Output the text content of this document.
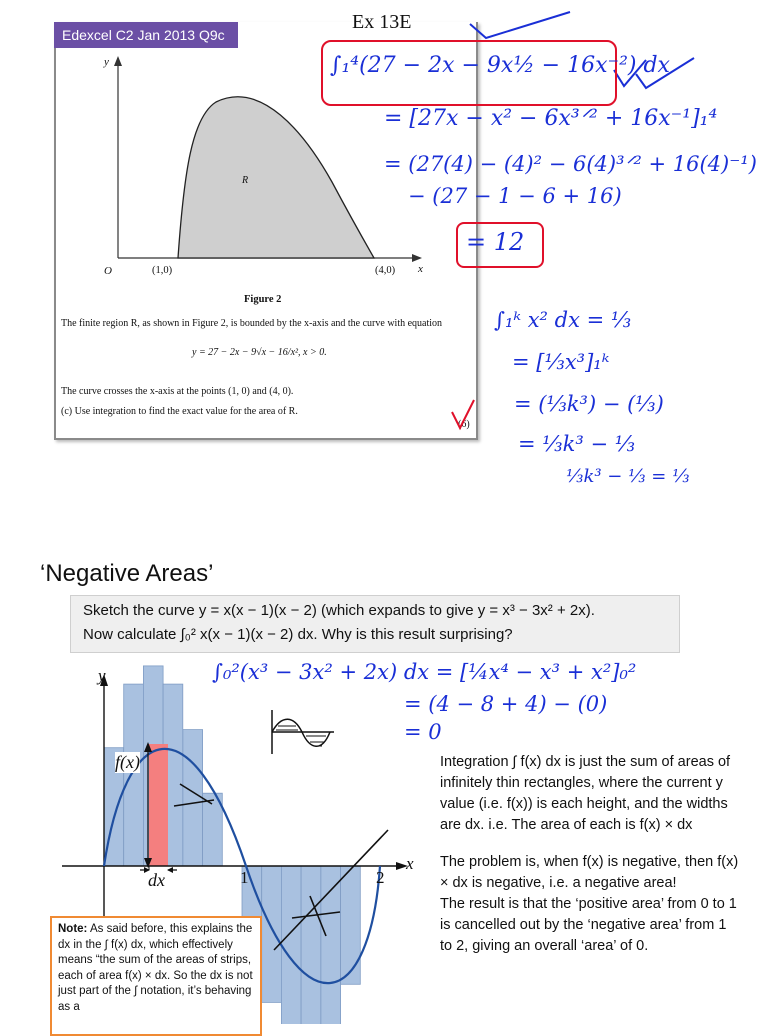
y
x
O	(1,0)	(4,0)
R
Figure 2
The finite region R, as shown in Figure 2, is bounded by the x-axis and the curve with equation
y = 27 − 2x − 9√x − 16/x², x > 0.
The curve crosses the x-axis at the points (1, 0) and (4, 0).
(c) Use integration to find the exact value for the area of R.
(6)
Edexcel C2 Jan 2013 Q9c
Ex 13E
∫₁⁴(27 − 2x − 9x½ − 16x⁻²) dx
= [27x − x² − 6x³ᐟ² + 16x⁻¹]₁⁴
= (27(4) − (4)² − 6(4)³ᐟ² + 16(4)⁻¹)
− (27 − 1 − 6 + 16)
= 12
∫₁ᵏ x² dx = ⅓
= [⅓x³]₁ᵏ
= (⅓k³) − (⅓)
= ⅓k³ − ⅓
⅓k³ − ⅓ = ⅓
‘Negative Areas’
Sketch the curve y = x(x − 1)(x − 2) (which expands to give y = x³ − 3x² + 2x).
Now calculate ∫₀² x(x − 1)(x − 2) dx. Why is this result surprising?
∫₀²(x³ − 3x² + 2x) dx = [¼x⁴ − x³ + x²]₀²
= (4 − 8 + 4) − (0)
= 0
y
x
f(x)
dx	1	2

Integration ∫ f(x) dx is just the sum of areas of infinitely thin rectangles, where the current y value (i.e. f(x)) is each height, and the widths are dx. i.e. The area of each is f(x) × dx

The problem is, when f(x) is negative, then f(x) × dx is negative, i.e. a negative area!

The result is that the ‘positive area’ from 0 to 1 is cancelled out by the ‘negative area’ from 1 to 2, giving an overall ‘area’ of 0.

Note: As said before, this explains the dx in the ∫ f(x) dx, which effectively means “the sum of the areas of strips, each of area f(x) × dx. So the dx is not just part of the ∫ notation, it’s behaving as a
